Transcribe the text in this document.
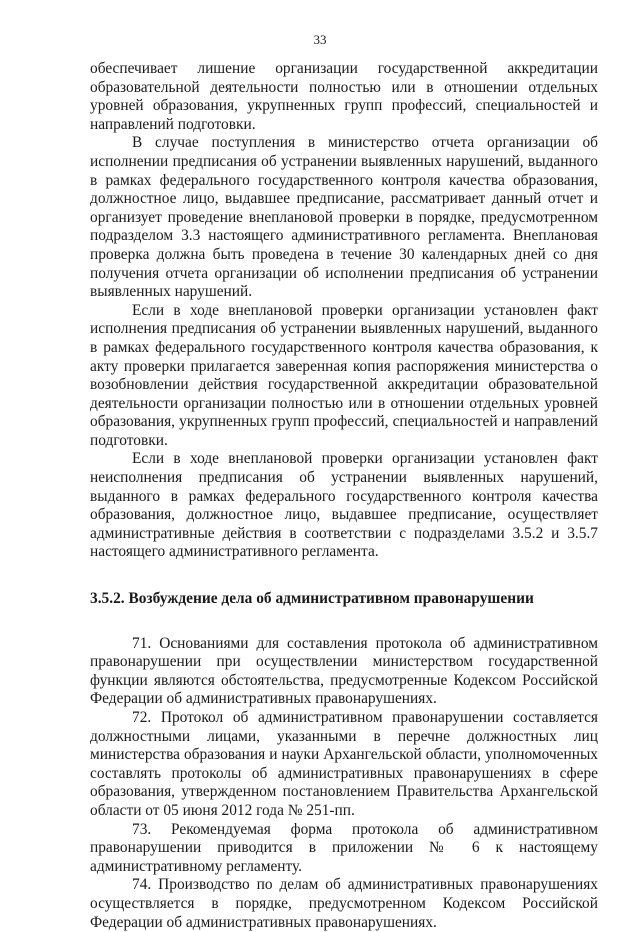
33

обеспечивает лишение организации государственной аккредитации образовательной деятельности полностью или в отношении отдельных уровней образования, укрупненных групп профессий, специальностей и направлений подготовки.

В случае поступления в министерство отчета организации об исполнении предписания об устранении выявленных нарушений, выданного в рамках федерального государственного контроля качества образования, должностное лицо, выдавшее предписание, рассматривает данный отчет и организует проведение внеплановой проверки в порядке, предусмотренном подразделом 3.3 настоящего административного регламента. Внеплановая проверка должна быть проведена в течение 30 календарных дней со дня получения отчета организации об исполнении предписания об устранении выявленных нарушений.

Если в ходе внеплановой проверки организации установлен факт исполнения предписания об устранении выявленных нарушений, выданного в рамках федерального государственного контроля качества образования, к акту проверки прилагается заверенная копия распоряжения министерства о возобновлении действия государственной аккредитации образовательной деятельности организации полностью или в отношении отдельных уровней образования, укрупненных групп профессий, специальностей и направлений подготовки.

Если в ходе внеплановой проверки организации установлен факт неисполнения предписания об устранении выявленных нарушений, выданного в рамках федерального государственного контроля качества образования, должностное лицо, выдавшее предписание, осуществляет административные действия в соответствии с подразделами 3.5.2 и 3.5.7 настоящего административного регламента.

3.5.2. Возбуждение дела об административном правонарушении

71. Основаниями для составления протокола об административном правонарушении при осуществлении министерством государственной функции являются обстоятельства, предусмотренные Кодексом Российской Федерации об административных правонарушениях.

72. Протокол об административном правонарушении составляется должностными лицами, указанными в перечне должностных лиц министерства образования и науки Архангельской области, уполномоченных составлять протоколы об административных правонарушениях в сфере образования, утвержденном постановлением Правительства Архангельской области от 05 июня 2012 года № 251-пп.

73. Рекомендуемая форма протокола об административном правонарушении приводится в приложении № 6 к настоящему административному регламенту.

74. Производство по делам об административных правонарушениях осуществляется в порядке, предусмотренном Кодексом Российской Федерации об административных правонарушениях.
